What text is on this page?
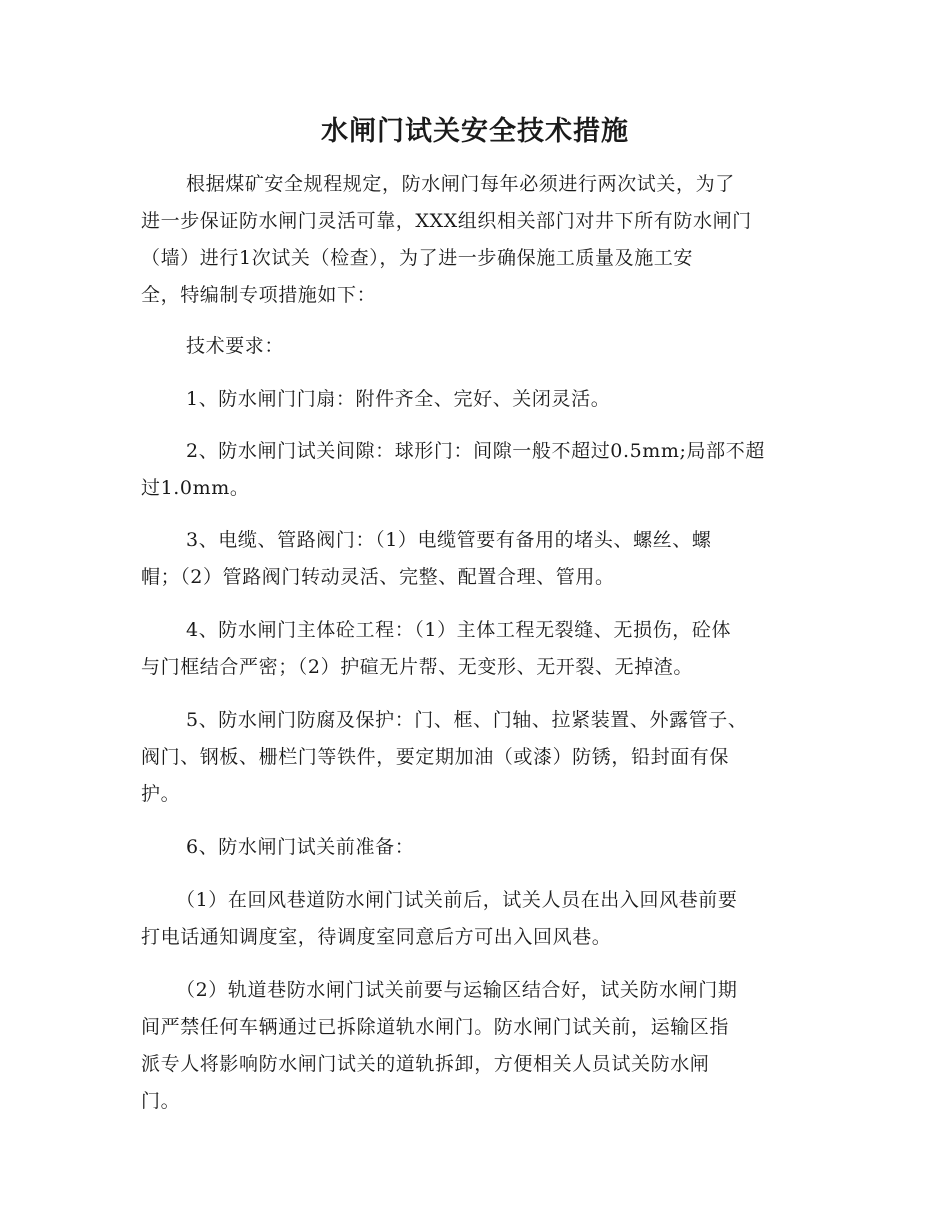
水闸门试关安全技术措施

根据煤矿安全规程规定，防水闸门每年必须进行两次试关，为了
进一步保证防水闸门灵活可靠，XXX组织相关部门对井下所有防水闸门
（墙）进行1次试关（检查），为了进一步确保施工质量及施工安
全，特编制专项措施如下：

技术要求：

1、防水闸门门扇：附件齐全、完好、关闭灵活。

2、防水闸门试关间隙：球形门：间隙一般不超过0.5mm;局部不超
过1.0mm。

3、电缆、管路阀门：（1）电缆管要有备用的堵头、螺丝、螺
帽；（2）管路阀门转动灵活、完整、配置合理、管用。

4、防水闸门主体砼工程：（1）主体工程无裂缝、无损伤，砼体
与门框结合严密；（2）护碹无片帮、无变形、无开裂、无掉渣。

5、防水闸门防腐及保护：门、框、门轴、拉紧装置、外露管子、
阀门、钢板、栅栏门等铁件，要定期加油（或漆）防锈，铅封面有保
护。

6、防水闸门试关前准备：

（1）在回风巷道防水闸门试关前后，试关人员在出入回风巷前要
打电话通知调度室，待调度室同意后方可出入回风巷。

（2）轨道巷防水闸门试关前要与运输区结合好，试关防水闸门期
间严禁任何车辆通过已拆除道轨水闸门。防水闸门试关前，运输区指
派专人将影响防水闸门试关的道轨拆卸，方便相关人员试关防水闸
门。
